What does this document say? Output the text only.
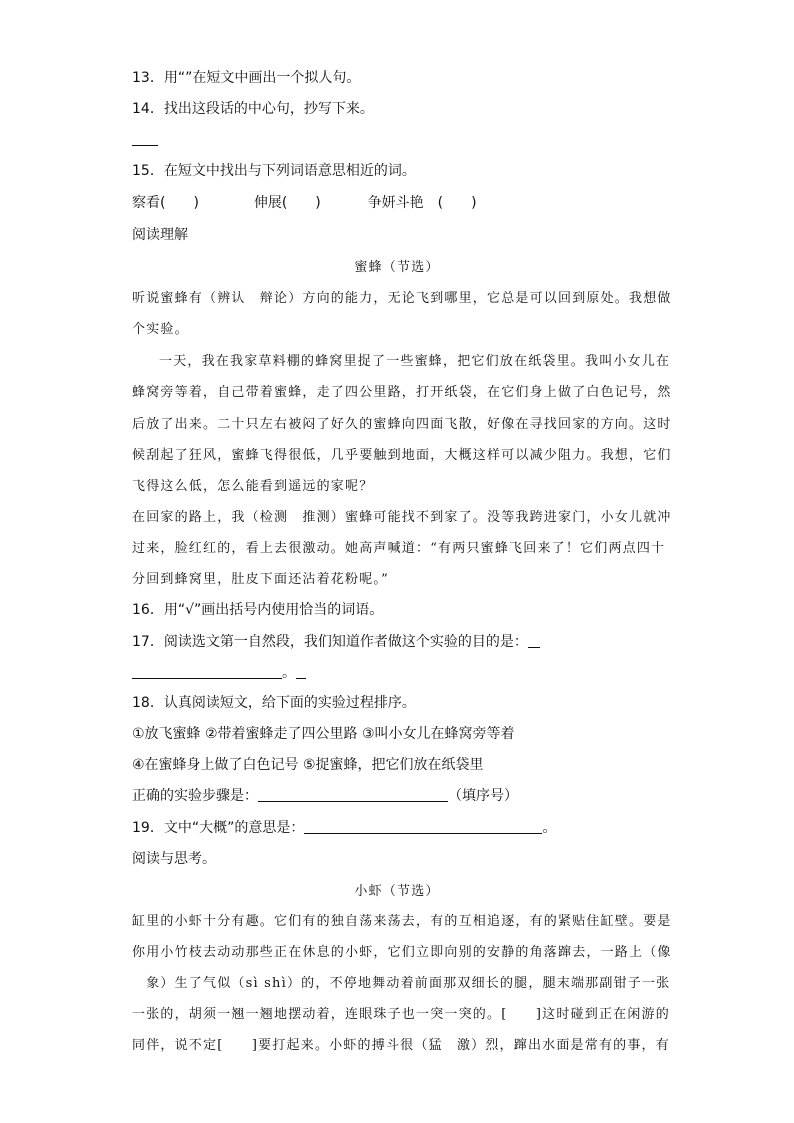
13．用“”在短文中画出一个拟人句。
14．找出这段话的中心句，抄写下来。
15．在短文中找出与下列词语意思相近的词。
察看(　　)	伸展(　　)	争妍斗艳　(　　)
阅读理解
蜜蜂（节选）
听说蜜蜂有（辨认　辩论）方向的能力，无论飞到哪里，它总是可以回到原处。我想做
个实验。
一天，我在我家草料棚的蜂窝里捉了一些蜜蜂，把它们放在纸袋里。我叫小女儿在
蜂窝旁等着，自己带着蜜蜂，走了四公里路，打开纸袋，在它们身上做了白色记号，然
后放了出来。二十只左右被闷了好久的蜜蜂向四面飞散，好像在寻找回家的方向。这时
候刮起了狂风，蜜蜂飞得很低，几乎要触到地面，大概这样可以减少阻力。我想，它们
飞得这么低，怎么能看到遥远的家呢？
在回家的路上，我（检测　推测）蜜蜂可能找不到家了。没等我跨进家门，小女儿就冲
过来，脸红红的，看上去很激动。她高声喊道：“有两只蜜蜂飞回来了！它们两点四十
分回到蜂窝里，肚皮下面还沾着花粉呢。”
16．用“√”画出括号内使用恰当的词语。
17．阅读选文第一自然段，我们知道作者做这个实验的目的是：
。
18．认真阅读短文，给下面的实验过程排序。
①放飞蜜蜂 ②带着蜜蜂走了四公里路 ③叫小女儿在蜂窝旁等着
④在蜜蜂身上做了白色记号 ⑤捉蜜蜂，把它们放在纸袋里
正确的实验步骤是：	（填序号）
19．文中“大概”的意思是：	。
阅读与思考。
小虾（节选）
缸里的小虾十分有趣。它们有的独自荡来荡去，有的互相追逐，有的紧贴住缸壁。要是
你用小竹枝去动动那些正在休息的小虾，它们立即向别的安静的角落蹿去，一路上（像
　象）生了气似（sì shì）的，不停地舞动着前面那双细长的腿，腿末端那副钳子一张
一张的，胡须一翘一翘地摆动着，连眼珠子也一突一突的。[　　]这时碰到正在闲游的
同伴，说不定[　　]要打起来。小虾的搏斗很（猛　激）烈，蹿出水面是常有的事，有
